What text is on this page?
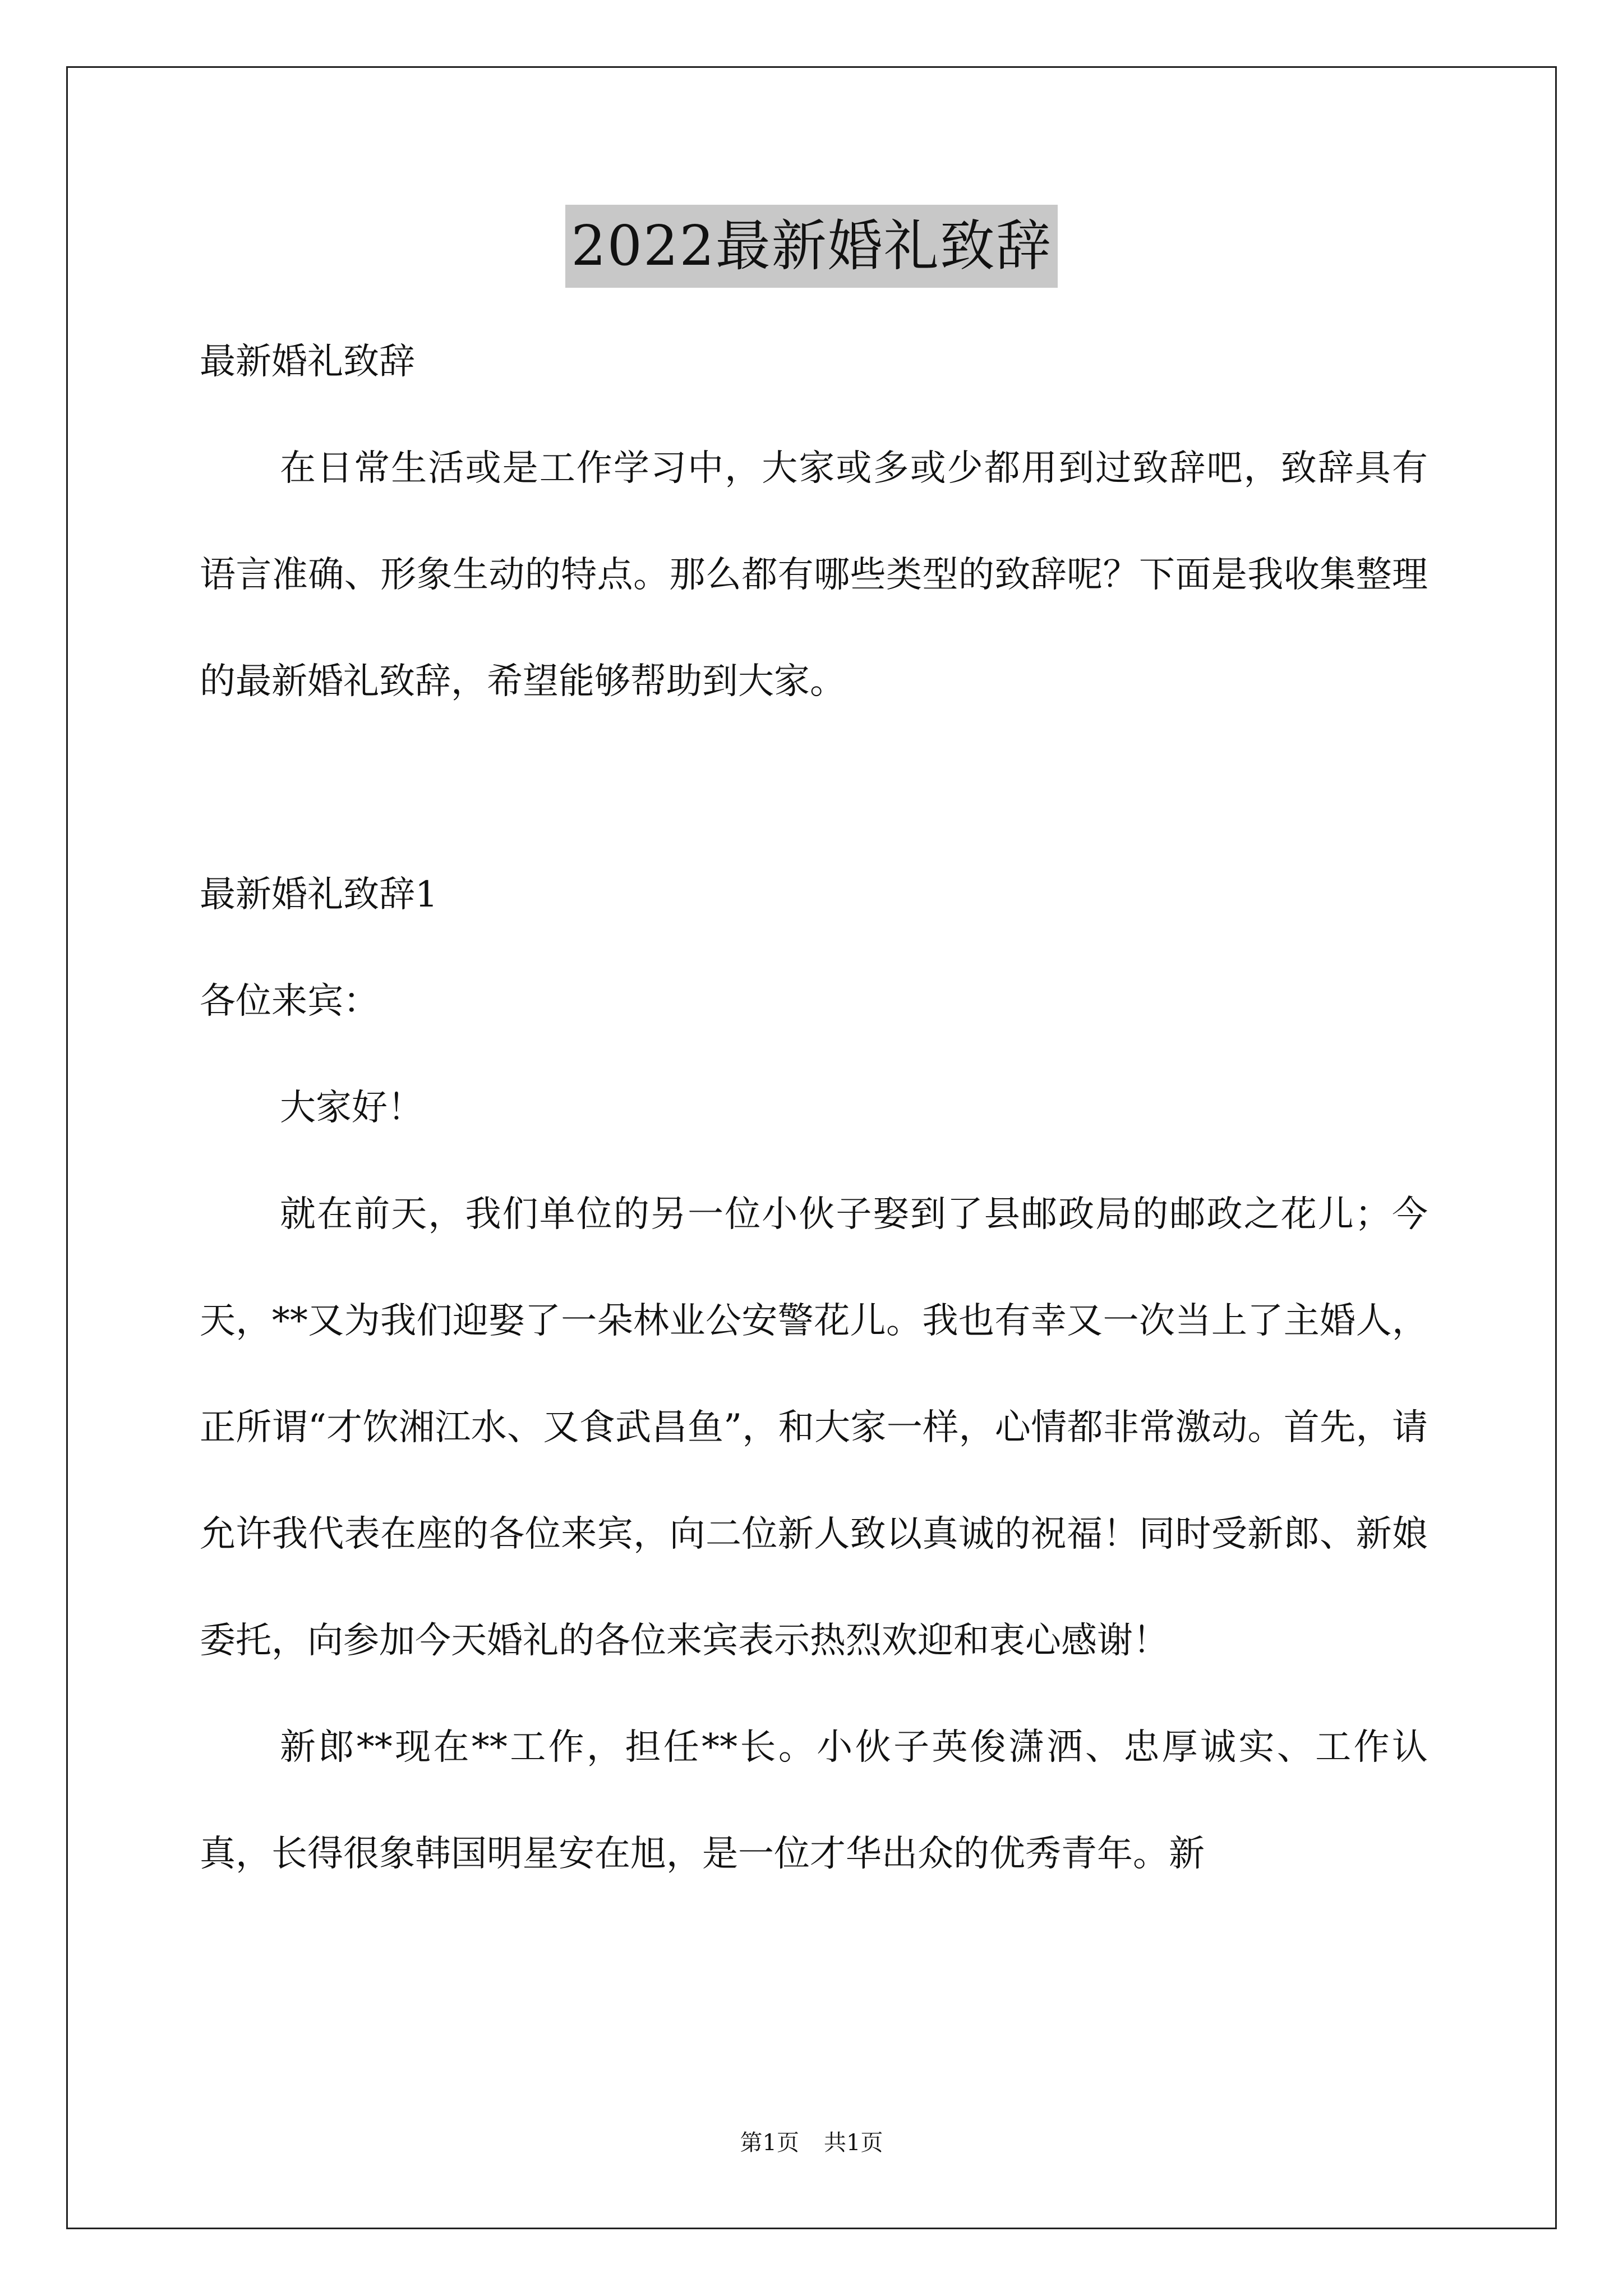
2022最新婚礼致辞

最新婚礼致辞

在日常生活或是工作学习中，大家或多或少都用到过致辞吧，致辞具有语言准确、形象生动的特点。那么都有哪些类型的致辞呢？下面是我收集整理的最新婚礼致辞，希望能够帮助到大家。

最新婚礼致辞1

各位来宾：

大家好！

就在前天，我们单位的另一位小伙子娶到了县邮政局的邮政之花儿；今天，**又为我们迎娶了一朵林业公安警花儿。我也有幸又一次当上了主婚人，正所谓“才饮湘江水、又食武昌鱼”，和大家一样，心情都非常激动。首先，请允许我代表在座的各位来宾，向二位新人致以真诚的祝福！同时受新郎、新娘委托，向参加今天婚礼的各位来宾表示热烈欢迎和衷心感谢！

新郎**现在**工作，担任**长。小伙子英俊潇洒、忠厚诚实、工作认真，长得很象韩国明星安在旭，是一位才华出众的优秀青年。新

第1页 共1页
